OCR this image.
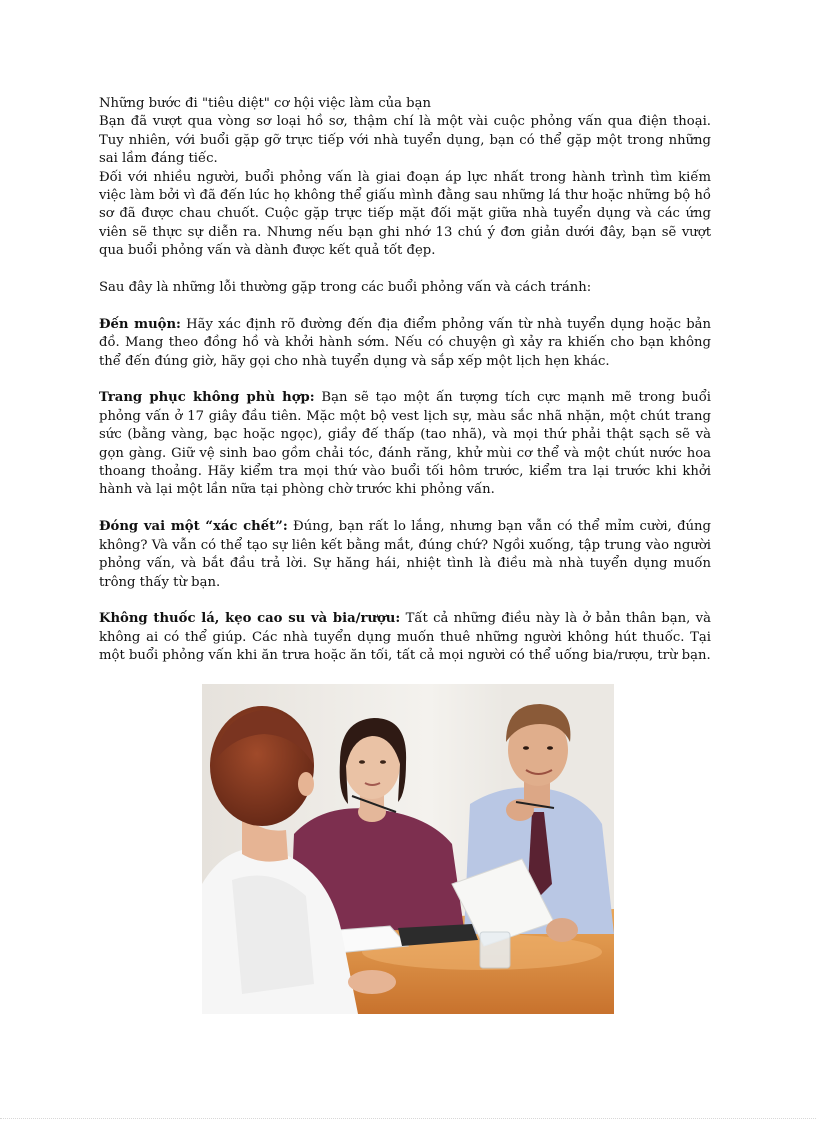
Những bước đi "tiêu diệt" cơ hội việc làm của bạn

Bạn đã vượt qua vòng sơ loại hồ sơ, thậm chí là một vài cuộc phỏng vấn qua điện thoại. Tuy nhiên, với buổi gặp gỡ trực tiếp với nhà tuyển dụng, bạn có thể gặp một trong những sai lầm đáng tiếc.

Đối với nhiều người, buổi phỏng vấn là giai đoạn áp lực nhất trong hành trình tìm kiếm việc làm bởi vì đã đến lúc họ không thể giấu mình đằng sau những lá thư hoặc những bộ hồ sơ đã được chau chuốt. Cuộc gặp trực tiếp mặt đối mặt giữa nhà tuyển dụng và các ứng viên sẽ thực sự diễn ra. Nhưng nếu bạn ghi nhớ 13 chú ý đơn giản dưới đây, bạn sẽ vượt qua buổi phỏng vấn và dành được kết quả tốt đẹp.

Sau đây là những lỗi thường gặp trong các buổi phỏng vấn và cách tránh:

Đến muộn: Hãy xác định rõ đường đến địa điểm phỏng vấn từ nhà tuyển dụng hoặc bản đồ. Mang theo đồng hồ và khởi hành sớm. Nếu có chuyện gì xảy ra khiến cho bạn không thể đến đúng giờ, hãy gọi cho nhà tuyển dụng và sắp xếp một lịch hẹn khác.

Trang phục không phù hợp: Bạn sẽ tạo một ấn tượng tích cực mạnh mẽ trong buổi phỏng vấn ở 17 giây đầu tiên. Mặc một bộ vest lịch sự, màu sắc nhã nhặn, một chút trang sức (bằng vàng, bạc hoặc ngọc), giầy đế thấp (tao nhã), và mọi thứ phải thật sạch sẽ và gọn gàng. Giữ vệ sinh bao gồm chải tóc, đánh răng, khử mùi cơ thể và một chút nước hoa thoang thoảng. Hãy kiểm tra mọi thứ vào buổi tối hôm trước, kiểm tra lại trước khi khởi hành và lại một lần nữa tại phòng chờ trước khi phỏng vấn.

Đóng vai một “xác chết”: Đúng, bạn rất lo lắng, nhưng bạn vẫn có thể mỉm cười, đúng không? Và vẫn có thể tạo sự liên kết bằng mắt, đúng chứ? Ngồi xuống, tập trung vào người phỏng vấn, và bắt đầu trả lời. Sự hăng hái, nhiệt tình là điều mà nhà tuyển dụng muốn trông thấy từ bạn.

Không thuốc lá, kẹo cao su và bia/rượu: Tất cả những điều này là ở bản thân bạn, và không ai có thể giúp. Các nhà tuyển dụng muốn thuê những người không hút thuốc. Tại một buổi phỏng vấn khi ăn trưa hoặc ăn tối, tất cả mọi người có thể uống bia/rượu, trừ bạn.
